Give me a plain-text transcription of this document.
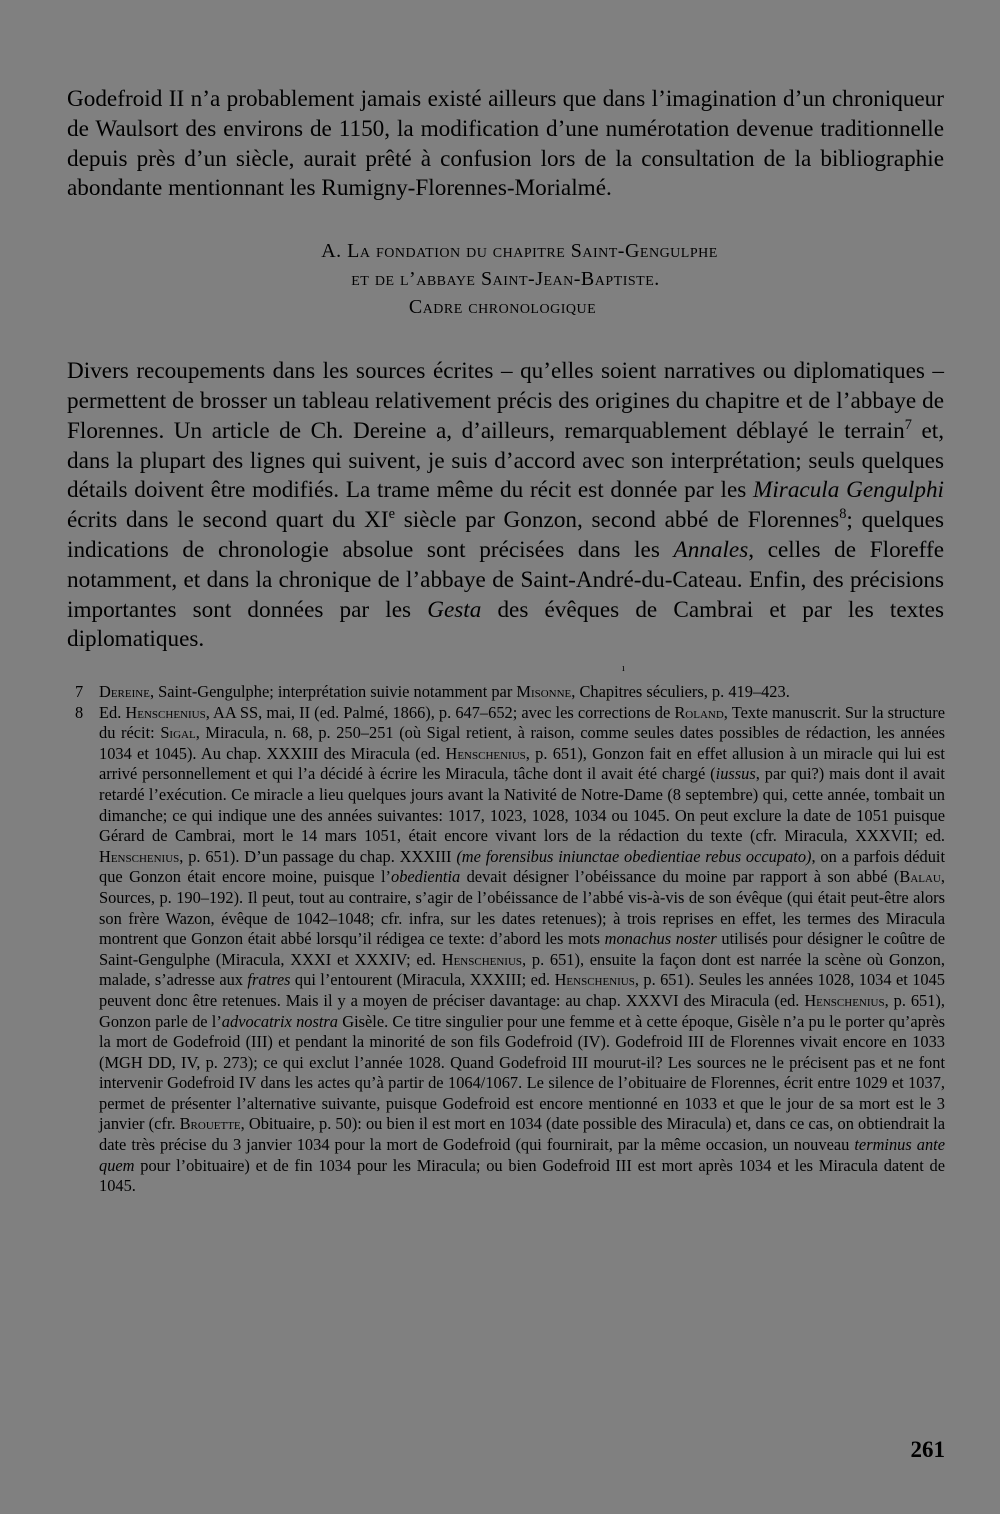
Godefroid II n’a probablement jamais existé ailleurs que dans l’imagination d’un chroniqueur de Waulsort des environs de 1150, la modification d’une numérotation devenue traditionnelle depuis près d’un siècle, aurait prêté à confusion lors de la consultation de la bibliographie abondante mentionnant les Rumigny-Florennes-Morialmé.

A. La fondation du chapitre Saint-Gengulphe
et de l’abbaye Saint-Jean-Baptiste.
Cadre chronologique

Divers recoupements dans les sources écrites – qu’elles soient narratives ou diplomatiques – permettent de brosser un tableau relativement précis des origines du chapitre et de l’abbaye de Florennes. Un article de Ch. Dereine a, d’ailleurs, remarquablement déblayé le terrain$^7$ et, dans la plupart des lignes qui suivent, je suis d’accord avec son interprétation; seuls quelques détails doivent être modifiés. La trame même du récit est donnée par les Miracula Gengulphi écrits dans le second quart du XIe siècle par Gonzon, second abbé de Florennes$^8$; quelques indications de chronologie absolue sont précisées dans les Annales, celles de Floreffe notamment, et dans la chronique de l’abbaye de Saint-André-du-Cateau. Enfin, des précisions importantes sont données par les Gesta des évêques de Cambrai et par les textes diplomatiques.

ı

7 Dereine, Saint-Gengulphe; interprétation suivie notamment par Misonne, Chapitres séculiers, p. 419–423.

8 Ed. Henschenius, AA SS, mai, II (ed. Palmé, 1866), p. 647–652; avec les corrections de Roland, Texte manuscrit. Sur la structure du récit: Sigal, Miracula, n. 68, p. 250–251 (où Sigal retient, à raison, comme seules dates possibles de rédaction, les années 1034 et 1045). Au chap. XXXIII des Miracula (ed. Henschenius, p. 651), Gonzon fait en effet allusion à un miracle qui lui est arrivé personnellement et qui l’a décidé à écrire les Miracula, tâche dont il avait été chargé (iussus, par qui?) mais dont il avait retardé l’exécution. Ce miracle a lieu quelques jours avant la Nativité de Notre-Dame (8 septembre) qui, cette année, tombait un dimanche; ce qui indique une des années suivantes: 1017, 1023, 1028, 1034 ou 1045. On peut exclure la date de 1051 puisque Gérard de Cambrai, mort le 14 mars 1051, était encore vivant lors de la rédaction du texte (cfr. Miracula, XXXVII; ed. Henschenius, p. 651). D’un passage du chap. XXXIII (me forensibus iniunctae obedientiae rebus occupato), on a parfois déduit que Gonzon était encore moine, puisque l’obedientia devait désigner l’obéissance du moine par rapport à son abbé (Balau, Sources, p. 190–192). Il peut, tout au contraire, s’agir de l’obéissance de l’abbé vis-à-vis de son évêque (qui était peut-être alors son frère Wazon, évêque de 1042–1048; cfr. infra, sur les dates retenues); à trois reprises en effet, les termes des Miracula montrent que Gonzon était abbé lorsqu’il rédigea ce texte: d’abord les mots monachus noster utilisés pour désigner le coûtre de Saint-Gengulphe (Miracula, XXXI et XXXIV; ed. Henschenius, p. 651), ensuite la façon dont est narrée la scène où Gonzon, malade, s’adresse aux fratres qui l’entourent (Miracula, XXXIII; ed. Henschenius, p. 651). Seules les années 1028, 1034 et 1045 peuvent donc être retenues. Mais il y a moyen de préciser davantage: au chap. XXXVI des Miracula (ed. Henschenius, p. 651), Gonzon parle de l’advocatrix nostra Gisèle. Ce titre singulier pour une femme et à cette époque, Gisèle n’a pu le porter qu’après la mort de Godefroid (III) et pendant la minorité de son fils Godefroid (IV). Godefroid III de Florennes vivait encore en 1033 (MGH DD, IV, p. 273); ce qui exclut l’année 1028. Quand Godefroid III mourut-il? Les sources ne le précisent pas et ne font intervenir Godefroid IV dans les actes qu’à partir de 1064/1067. Le silence de l’obituaire de Florennes, écrit entre 1029 et 1037, permet de présenter l’alternative suivante, puisque Godefroid est encore mentionné en 1033 et que le jour de sa mort est le 3 janvier (cfr. Brouette, Obituaire, p. 50): ou bien il est mort en 1034 (date possible des Miracula) et, dans ce cas, on obtiendrait la date très précise du 3 janvier 1034 pour la mort de Godefroid (qui fournirait, par la même occasion, un nouveau terminus ante quem pour l’obituaire) et de fin 1034 pour les Miracula; ou bien Godefroid III est mort après 1034 et les Miracula datent de 1045.

261
